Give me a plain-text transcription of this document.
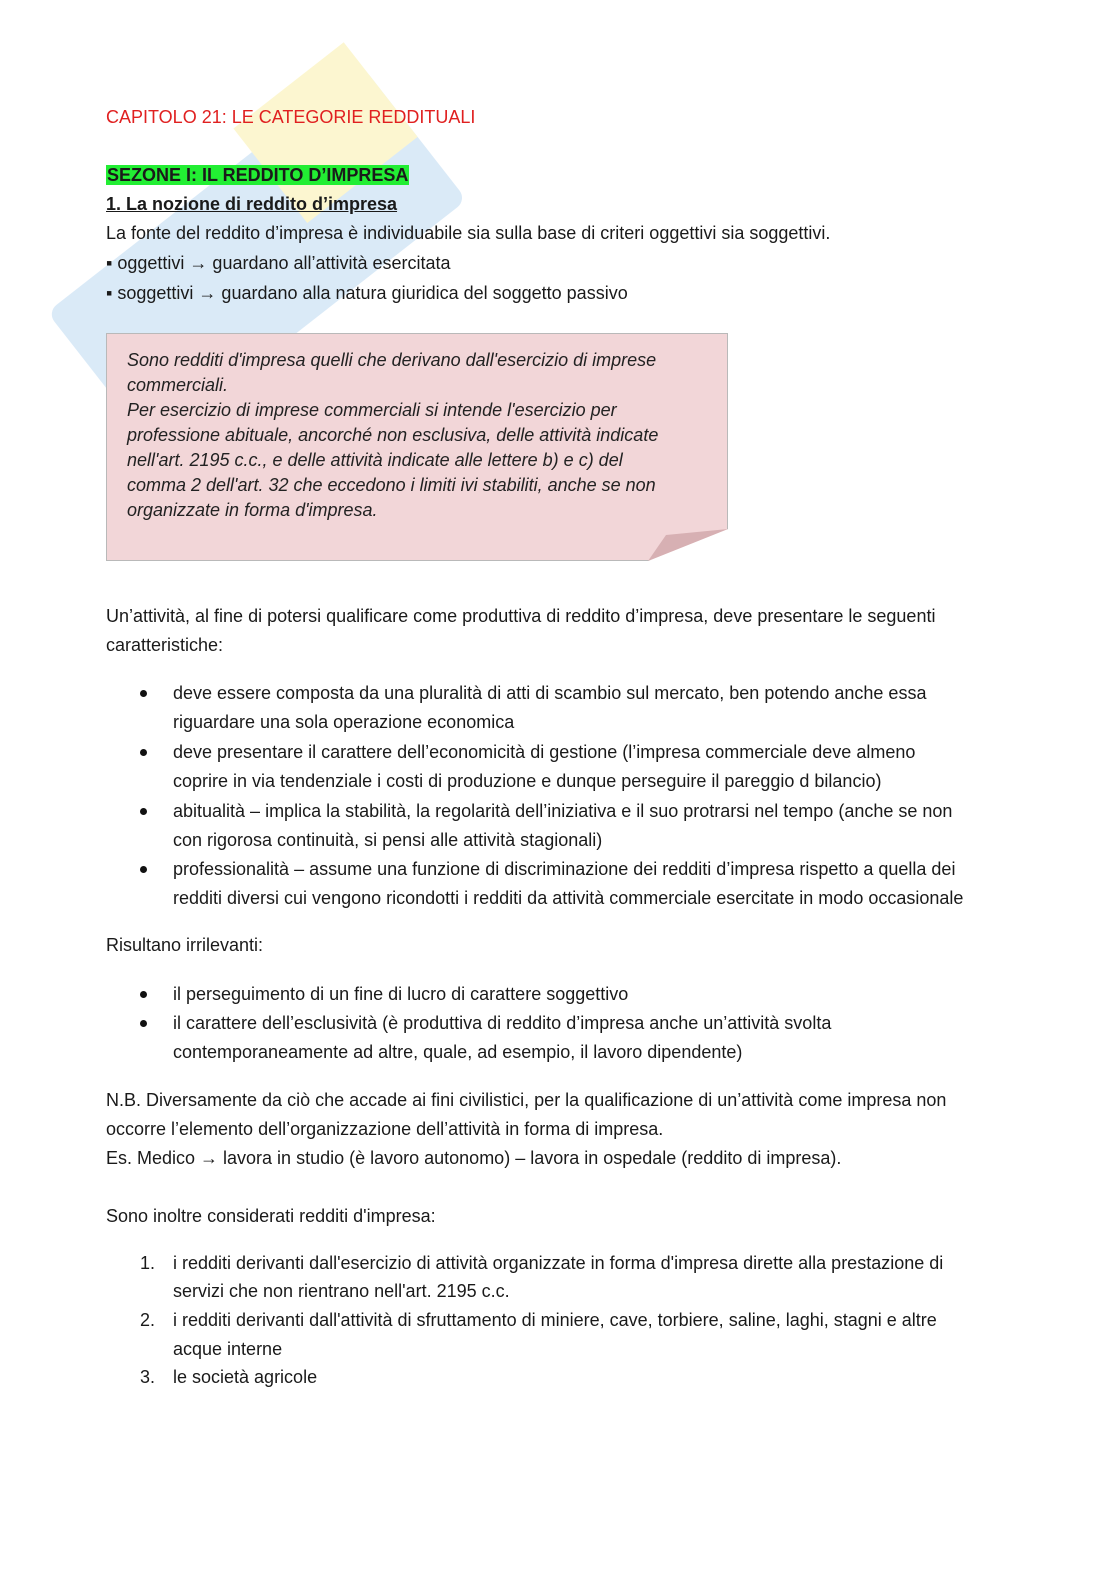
CAPITOLO 21: LE CATEGORIE REDDITUALI
SEZONE I: IL REDDITO D’IMPRESA
1. La nozione di reddito d’impresa
La fonte del reddito d’impresa è individuabile sia sulla base di criteri oggettivi sia soggettivi.
▪ oggettivi → guardano all’attività esercitata
▪ soggettivi → guardano alla natura giuridica del soggetto passivo
Un’attività, al fine di potersi qualificare come produttiva di reddito d’impresa, deve presentare le seguenti
caratteristiche:
deve essere composta da una pluralità di atti di scambio sul mercato, ben potendo anche essa
riguardare una sola operazione economica
deve presentare il carattere dell’economicità di gestione (l’impresa commerciale deve almeno
coprire in via tendenziale i costi di produzione e dunque perseguire il pareggio d bilancio)
abitualità – implica la stabilità, la regolarità dell’iniziativa e il suo protrarsi nel tempo (anche se non
con rigorosa continuità, si pensi alle attività stagionali)
professionalità – assume una funzione di discriminazione dei redditi d’impresa rispetto a quella dei
redditi diversi cui vengono ricondotti i redditi da attività commerciale esercitate in modo occasionale
Risultano irrilevanti:
il perseguimento di un fine di lucro di carattere soggettivo
il carattere dell’esclusività (è produttiva di reddito d’impresa anche un’attività svolta
contemporaneamente ad altre, quale, ad esempio, il lavoro dipendente)
N.B. Diversamente da ciò che accade ai fini civilistici, per la qualificazione di un’attività come impresa non
occorre l’elemento dell’organizzazione dell’attività in forma di impresa.
Es. Medico → lavora in studio (è lavoro autonomo) – lavora in ospedale (reddito di impresa).
Sono inoltre considerati redditi d'impresa:
1. i redditi derivanti dall'esercizio di attività organizzate in forma d'impresa dirette alla prestazione di
servizi che non rientrano nell'art. 2195 c.c.
2. i redditi derivanti dall'attività di sfruttamento di miniere, cave, torbiere, saline, laghi, stagni e altre
acque interne
3. le società agricole
Sono redditi d'impresa quelli che derivano dall'esercizio di imprese
commerciali.
Per esercizio di imprese commerciali si intende l'esercizio per
professione abituale, ancorché non esclusiva, delle attività indicate
nell'art. 2195 c.c., e delle attività indicate alle lettere b) e c) del
comma 2 dell'art. 32 che eccedono i limiti ivi stabiliti, anche se non
organizzate in forma d'impresa.
